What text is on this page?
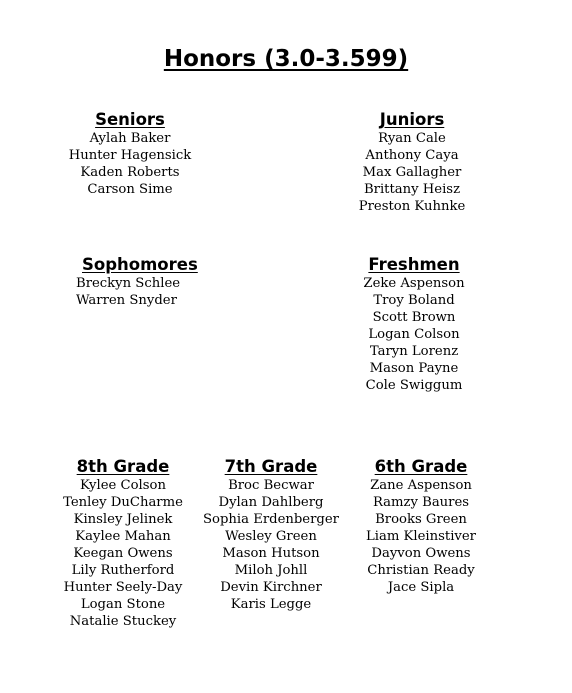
Honors (3.0-3.599)
Seniors
Aylah Baker
Hunter Hagensick
Kaden Roberts
Carson Sime
Juniors
Ryan Cale
Anthony Caya
Max Gallagher
Brittany Heisz
Preston Kuhnke
Sophomores
Breckyn Schlee
Warren Snyder
Freshmen
Zeke Aspenson
Troy Boland
Scott Brown
Logan Colson
Taryn Lorenz
Mason Payne
Cole Swiggum
8th Grade
Kylee Colson
Tenley DuCharme
Kinsley Jelinek
Kaylee Mahan
Keegan Owens
Lily Rutherford
Hunter Seely-Day
Logan Stone
Natalie Stuckey
7th Grade
Broc Becwar
Dylan Dahlberg
Sophia Erdenberger
Wesley Green
Mason Hutson
Miloh Johll
Devin Kirchner
Karis Legge
6th Grade
Zane Aspenson
Ramzy Baures
Brooks Green
Liam Kleinstiver
Dayvon Owens
Christian Ready
Jace Sipla
